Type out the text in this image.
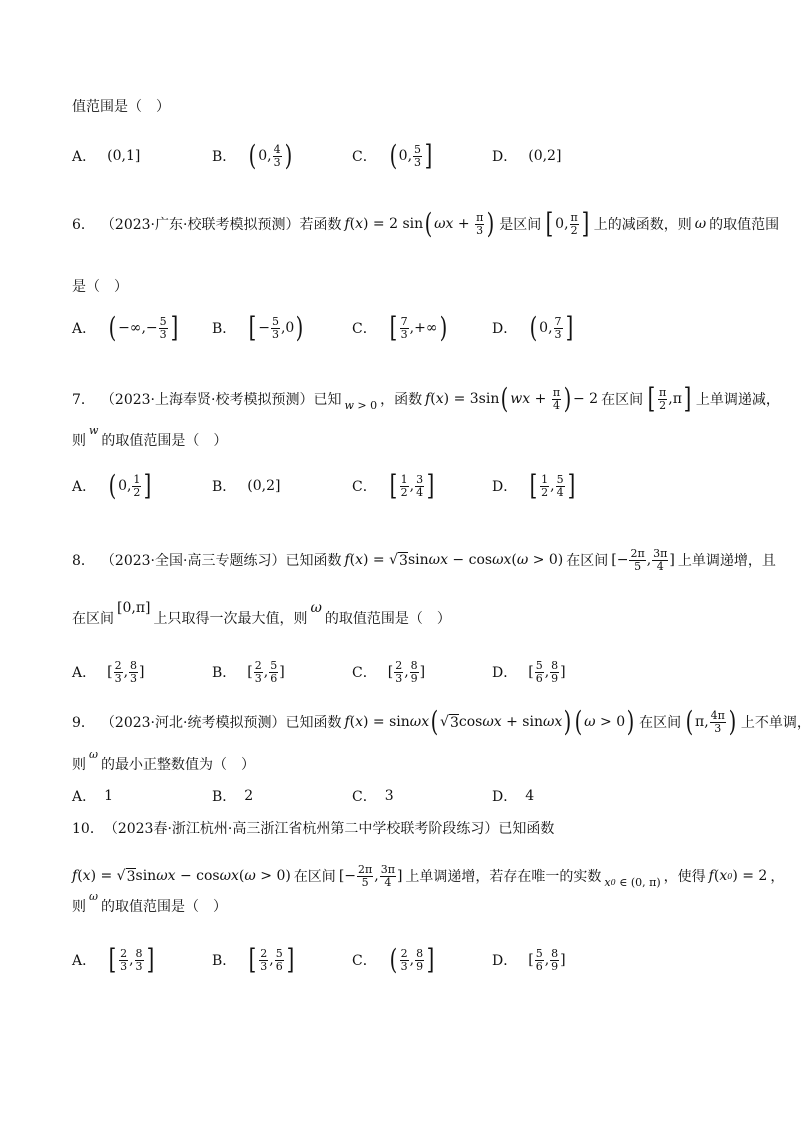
值范围是（　）
A． (0,1]	B． ( 0, 4
3 )	C． ( 0, 5
3 ]	D． (0,2]
6． （2023·广东·校联考模拟预测）若函数 f ( x ) = 2
sin ( $\omega x + \frac{\pi}{3}$ ) 是区间 [ 0, π
2 ] 上的减函数，则 ω 的取值范围
是（　）
A． ( −∞,− 5
3 ] B． [ − 5
3 ,0 )	C． [ 7
3 ,+∞ )	D． ( 0, 7
3 ]
7． （2023·上海奉贤·校考模拟预测）已知 w > 0 ，函数 f ( x ) = 3 sin ( wx + $\frac{\pi}{4}$ ) − 2 在区间 [ π
2 ,π ] 上单调递减，
则
w
的取值范围是（　）
A． ( 0, 1
2 ]	B． (0,2]	C． [ 1
2 , 3
4 ]	D． [ 1
2 , 5
4 ]
8． （2023·全国·高三专题练习）已知函数 f ( x ) = √ 3 sin ωx − cos ωx ( ω > 0) 在区间 [− 2π
5 , 3π
4 ] 上单调递增，且
在区间
[0,π]
上只取得一次最大值，则
ω
的取值范围是（　）
A． [ 2
3 , 8
3 ]	B． [ 2
3 , 5
6 ]	C． [ 2
3 , 8
9 ]	D． [ 5
6 , 8
9 ]
9． （2023·河北·统考模拟预测）已知函数 f ( x ) = sin ωx ( √ 3 cos ωx + sin ωx ) ( ω > 0 ) 在区间 ( π, 4π
3 ) 上不单调，
则
ω
的最小正整数值为（　）
A． 1	B． 2	C． 3	D． 4
10． （2023春·浙江杭州·高三浙江省杭州第二中学校联考阶段练习）已知函数
f ( x ) = √ 3 sin ωx − cos ωx ( ω > 0) 在区间 [− 2π
5 , 3π
4 ] 上单调递增，若存在唯一的实数 x 0 ∈ (0, π) ，使得 f ( x 0 ) = 2 ，
则
ω
的取值范围是（　）
A． [ 2
3 , 8
3 ]	B． [ 2
3 , 5
6 ]	C． ( 2
3 , 8
9 ]	D． [ 5
6 , 8
9 ]
